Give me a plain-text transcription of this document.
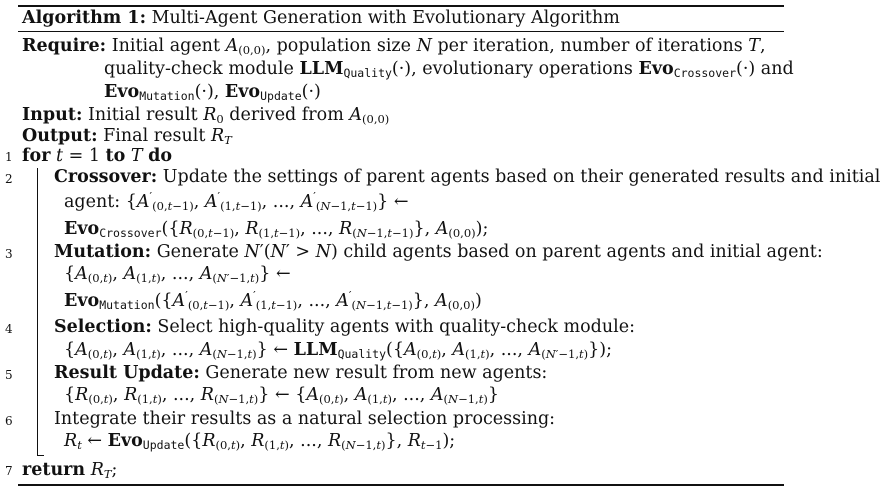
Algorithm 1: Multi-Agent Generation with Evolutionary Algorithm
Require: Initial agent $A_{(0,0)}$, population size N per iteration, number of iterations T,
quality-check module $LLM_{Quality}(\cdot)$, evolutionary operations Evo$_{Crossover}$(·) and
Evo$_{Mutation}$(·), Evo$_{Update}$(·)
Input: Initial result $R_0$ derived from $A_{(0,0)}$
Output: Final result $R_T$
1 for t = 1 to T do
2 Crossover: Update the settings of parent agents based on their generated results and initial
agent: {$A'_{(0,t-1)}$, $A'_{(1,t-1)}$, ..., $A'_{(N-1,t-1)}$} ←
$Evo_{Crossover}(\{R_{(0,t-1)}$, $R_{(1,t-1)}$, ..., $R_{(N-1,t-1)}$}, $A_{(0,0)}$);
3 Mutation: Generate N′(N′ > N) child agents based on parent agents and initial agent:
{$A_{(0,t)}$, $A_{(1,t)}$, ..., $A_{(N'-1,t)}$} ←
$Evo_{Mutation}(\{A'_{(0,t-1)}$, $A'_{(1,t-1)}$, ..., $A'_{(N-1,t-1)}$}, $A_{(0,0)}$)
4 Selection: Select high-quality agents with quality-check module:
{$A_{(0,t)}$, $A_{(1,t)}$, ..., $A_{(N-1,t)}$} ← $LLM_{Quality}(\{A_{(0,t)}$, $A_{(1,t)}$, ..., $A_{(N'-1,t)}$});
5 Result Update: Generate new result from new agents:
{$R_{(0,t)}$, $R_{(1,t)}$, ..., $R_{(N-1,t)}$} ← {$A_{(0,t)}$, $A_{(1,t)}$, ..., $A_{(N-1,t)}$}
6 Integrate their results as a natural selection processing:
$R_t$ ← $Evo_{Update}(\{R_{(0,t)}$, $R_{(1,t)}$, ..., $R_{(N-1,t)}$}, $R_{t-1}$);
7 return $R_T$;
